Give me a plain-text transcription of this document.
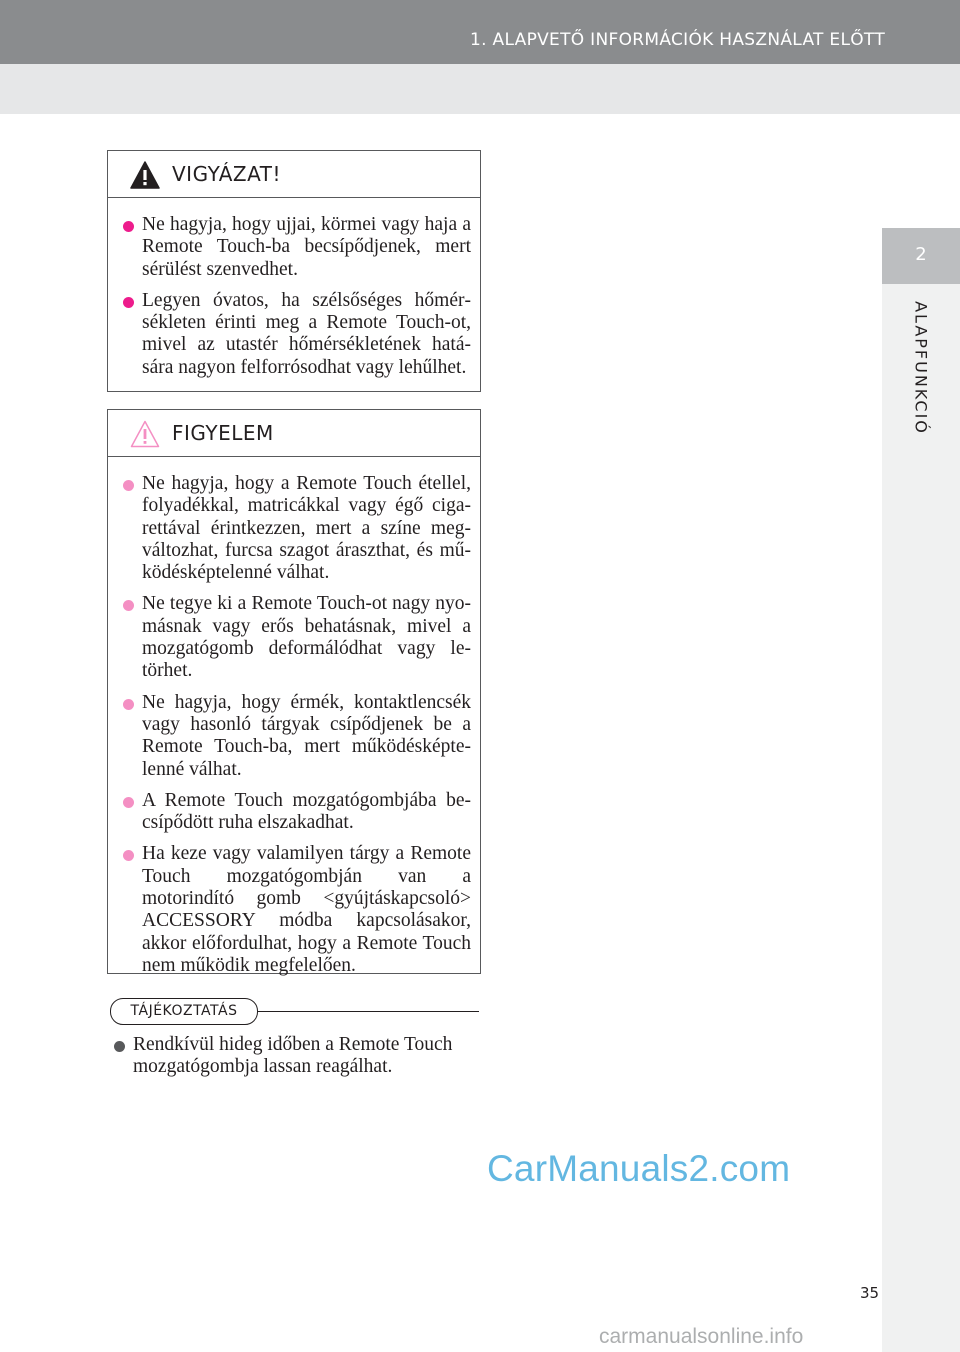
1. ALAPVETŐ INFORMÁCIÓK HASZNÁLAT ELŐTT
2
ALAPFUNKCIÓ
VIGYÁZAT!
Ne hagyja, hogy ujjai, körmei vagy haja a Remote Touch-ba becsípődjenek, mert sérülést szenvedhet.
Legyen óvatos, ha szélsőséges hőmérsékleten érinti meg a Remote Touch-ot, mivel az utastér hőmérsékletének hatására nagyon felforrósodhat vagy lehűlhet.
FIGYELEM
Ne hagyja, hogy a Remote Touch étellel, folyadékkal, matricákkal vagy égő cigarettával érintkezzen, mert a színe megváltozhat, furcsa szagot áraszthat, és működésképtelenné válhat.
Ne tegye ki a Remote Touch-ot nagy nyomásnak vagy erős behatásnak, mivel a mozgatógomb deformálódhat vagy letörhet.
Ne hagyja, hogy érmék, kontaktlencsék vagy hasonló tárgyak csípődjenek be a Remote Touch-ba, mert működésképtelenné válhat.
A Remote Touch mozgatógombjába becsípődött ruha elszakadhat.
Ha keze vagy valamilyen tárgy a Remote Touch mozgatógombján van a motorindító gomb <gyújtáskapcsoló> ACCESSORY módba kapcsolásakor, akkor előfordulhat, hogy a Remote Touch nem működik megfelelően.
TÁJÉKOZTATÁS
Rendkívül hideg időben a Remote Touch mozgatógombja lassan reagálhat.
CarManuals2.com
35
carmanualsonline.info
